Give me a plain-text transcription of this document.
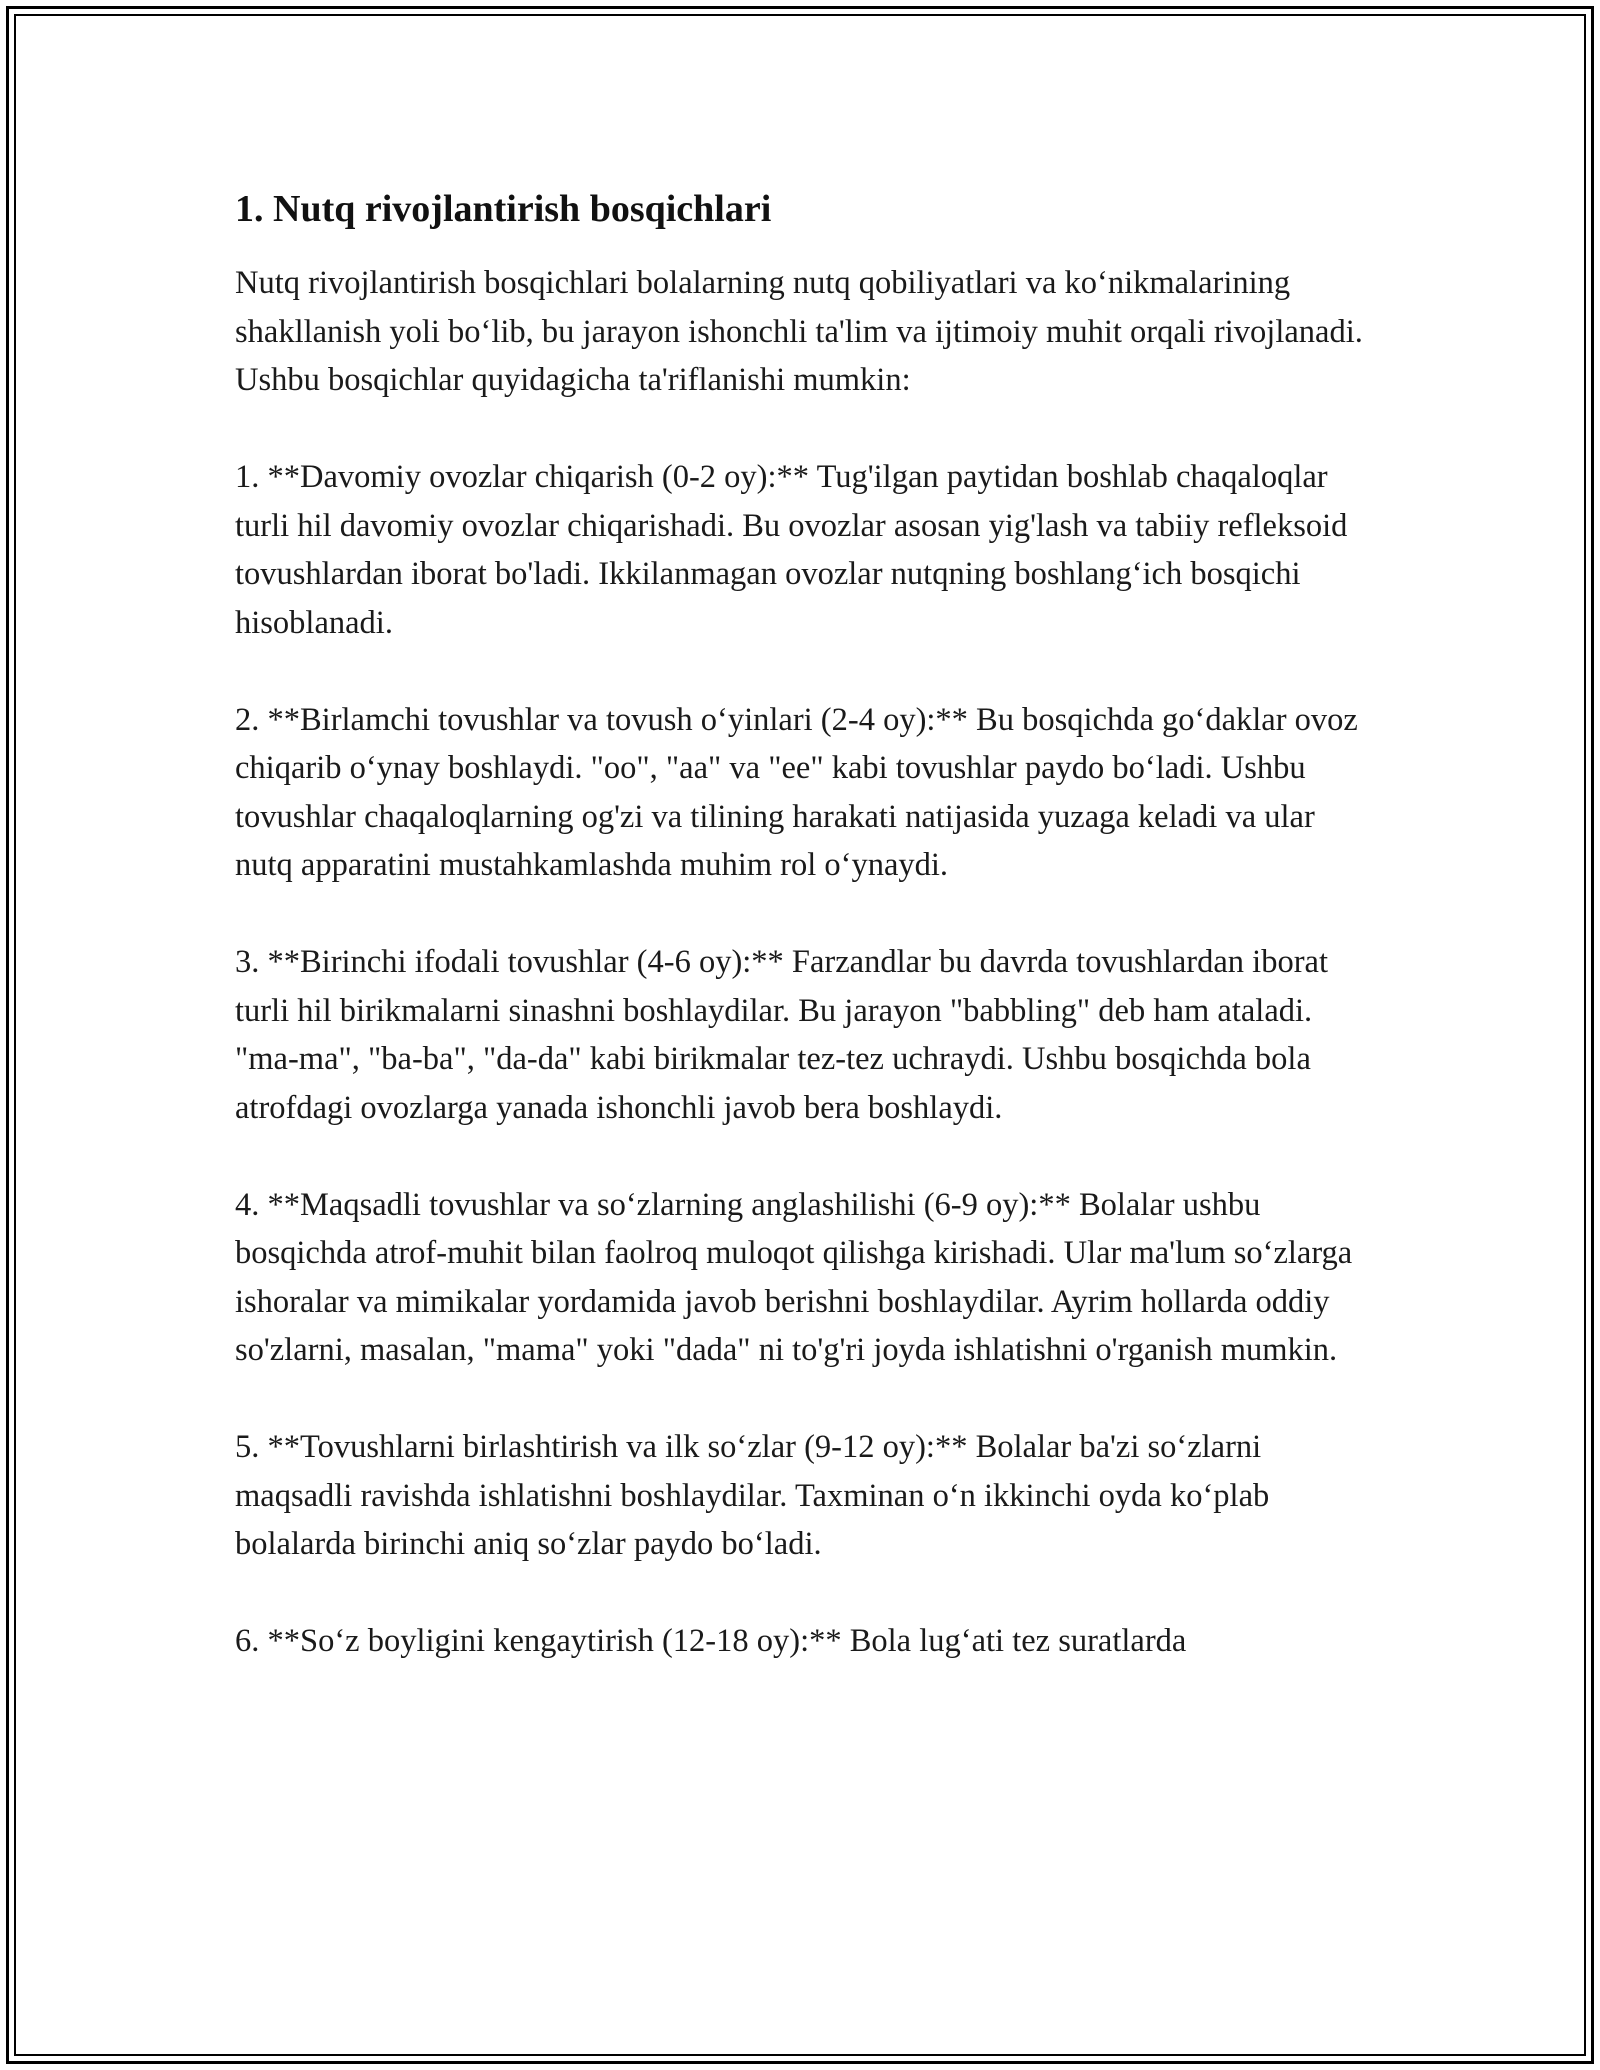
1. Nutq rivojlantirish bosqichlari

Nutq rivojlantirish bosqichlari bolalarning nutq qobiliyatlari va ko‘nikmalarining shakllanish yoli bo‘lib, bu jarayon ishonchli ta'lim va ijtimoiy muhit orqali rivojlanadi. Ushbu bosqichlar quyidagicha ta'riflanishi mumkin:

1. **Davomiy ovozlar chiqarish (0-2 oy):** Tug'ilgan paytidan boshlab chaqaloqlar turli hil davomiy ovozlar chiqarishadi. Bu ovozlar asosan yig'lash va tabiiy refleksoid tovushlardan iborat bo'ladi. Ikkilanmagan ovozlar nutqning boshlang‘ich bosqichi hisoblanadi.

2. **Birlamchi tovushlar va tovush o‘yinlari (2-4 oy):** Bu bosqichda go‘daklar ovoz chiqarib o‘ynay boshlaydi. "oo", "aa" va "ee" kabi tovushlar paydo bo‘ladi. Ushbu tovushlar chaqaloqlarning og'zi va tilining harakati natijasida yuzaga keladi va ular nutq apparatini mustahkamlashda muhim rol o‘ynaydi.

3. **Birinchi ifodali tovushlar (4-6 oy):** Farzandlar bu davrda tovushlardan iborat turli hil birikmalarni sinashni boshlaydilar. Bu jarayon "babbling" deb ham ataladi. "ma-ma", "ba-ba", "da-da" kabi birikmalar tez-tez uchraydi. Ushbu bosqichda bola atrofdagi ovozlarga yanada ishonchli javob bera boshlaydi.

4. **Maqsadli tovushlar va so‘zlarning anglashilishi (6-9 oy):** Bolalar ushbu bosqichda atrof-muhit bilan faolroq muloqot qilishga kirishadi. Ular ma'lum so‘zlarga ishoralar va mimikalar yordamida javob berishni boshlaydilar. Ayrim hollarda oddiy so'zlarni, masalan, "mama" yoki "dada" ni to'g'ri joyda ishlatishni o'rganish mumkin.

5. **Tovushlarni birlashtirish va ilk so‘zlar (9-12 oy):** Bolalar ba'zi so‘zlarni maqsadli ravishda ishlatishni boshlaydilar. Taxminan o‘n ikkinchi oyda ko‘plab bolalarda birinchi aniq so‘zlar paydo bo‘ladi.

6. **So‘z boyligini kengaytirish (12-18 oy):** Bola lug‘ati tez suratlarda
